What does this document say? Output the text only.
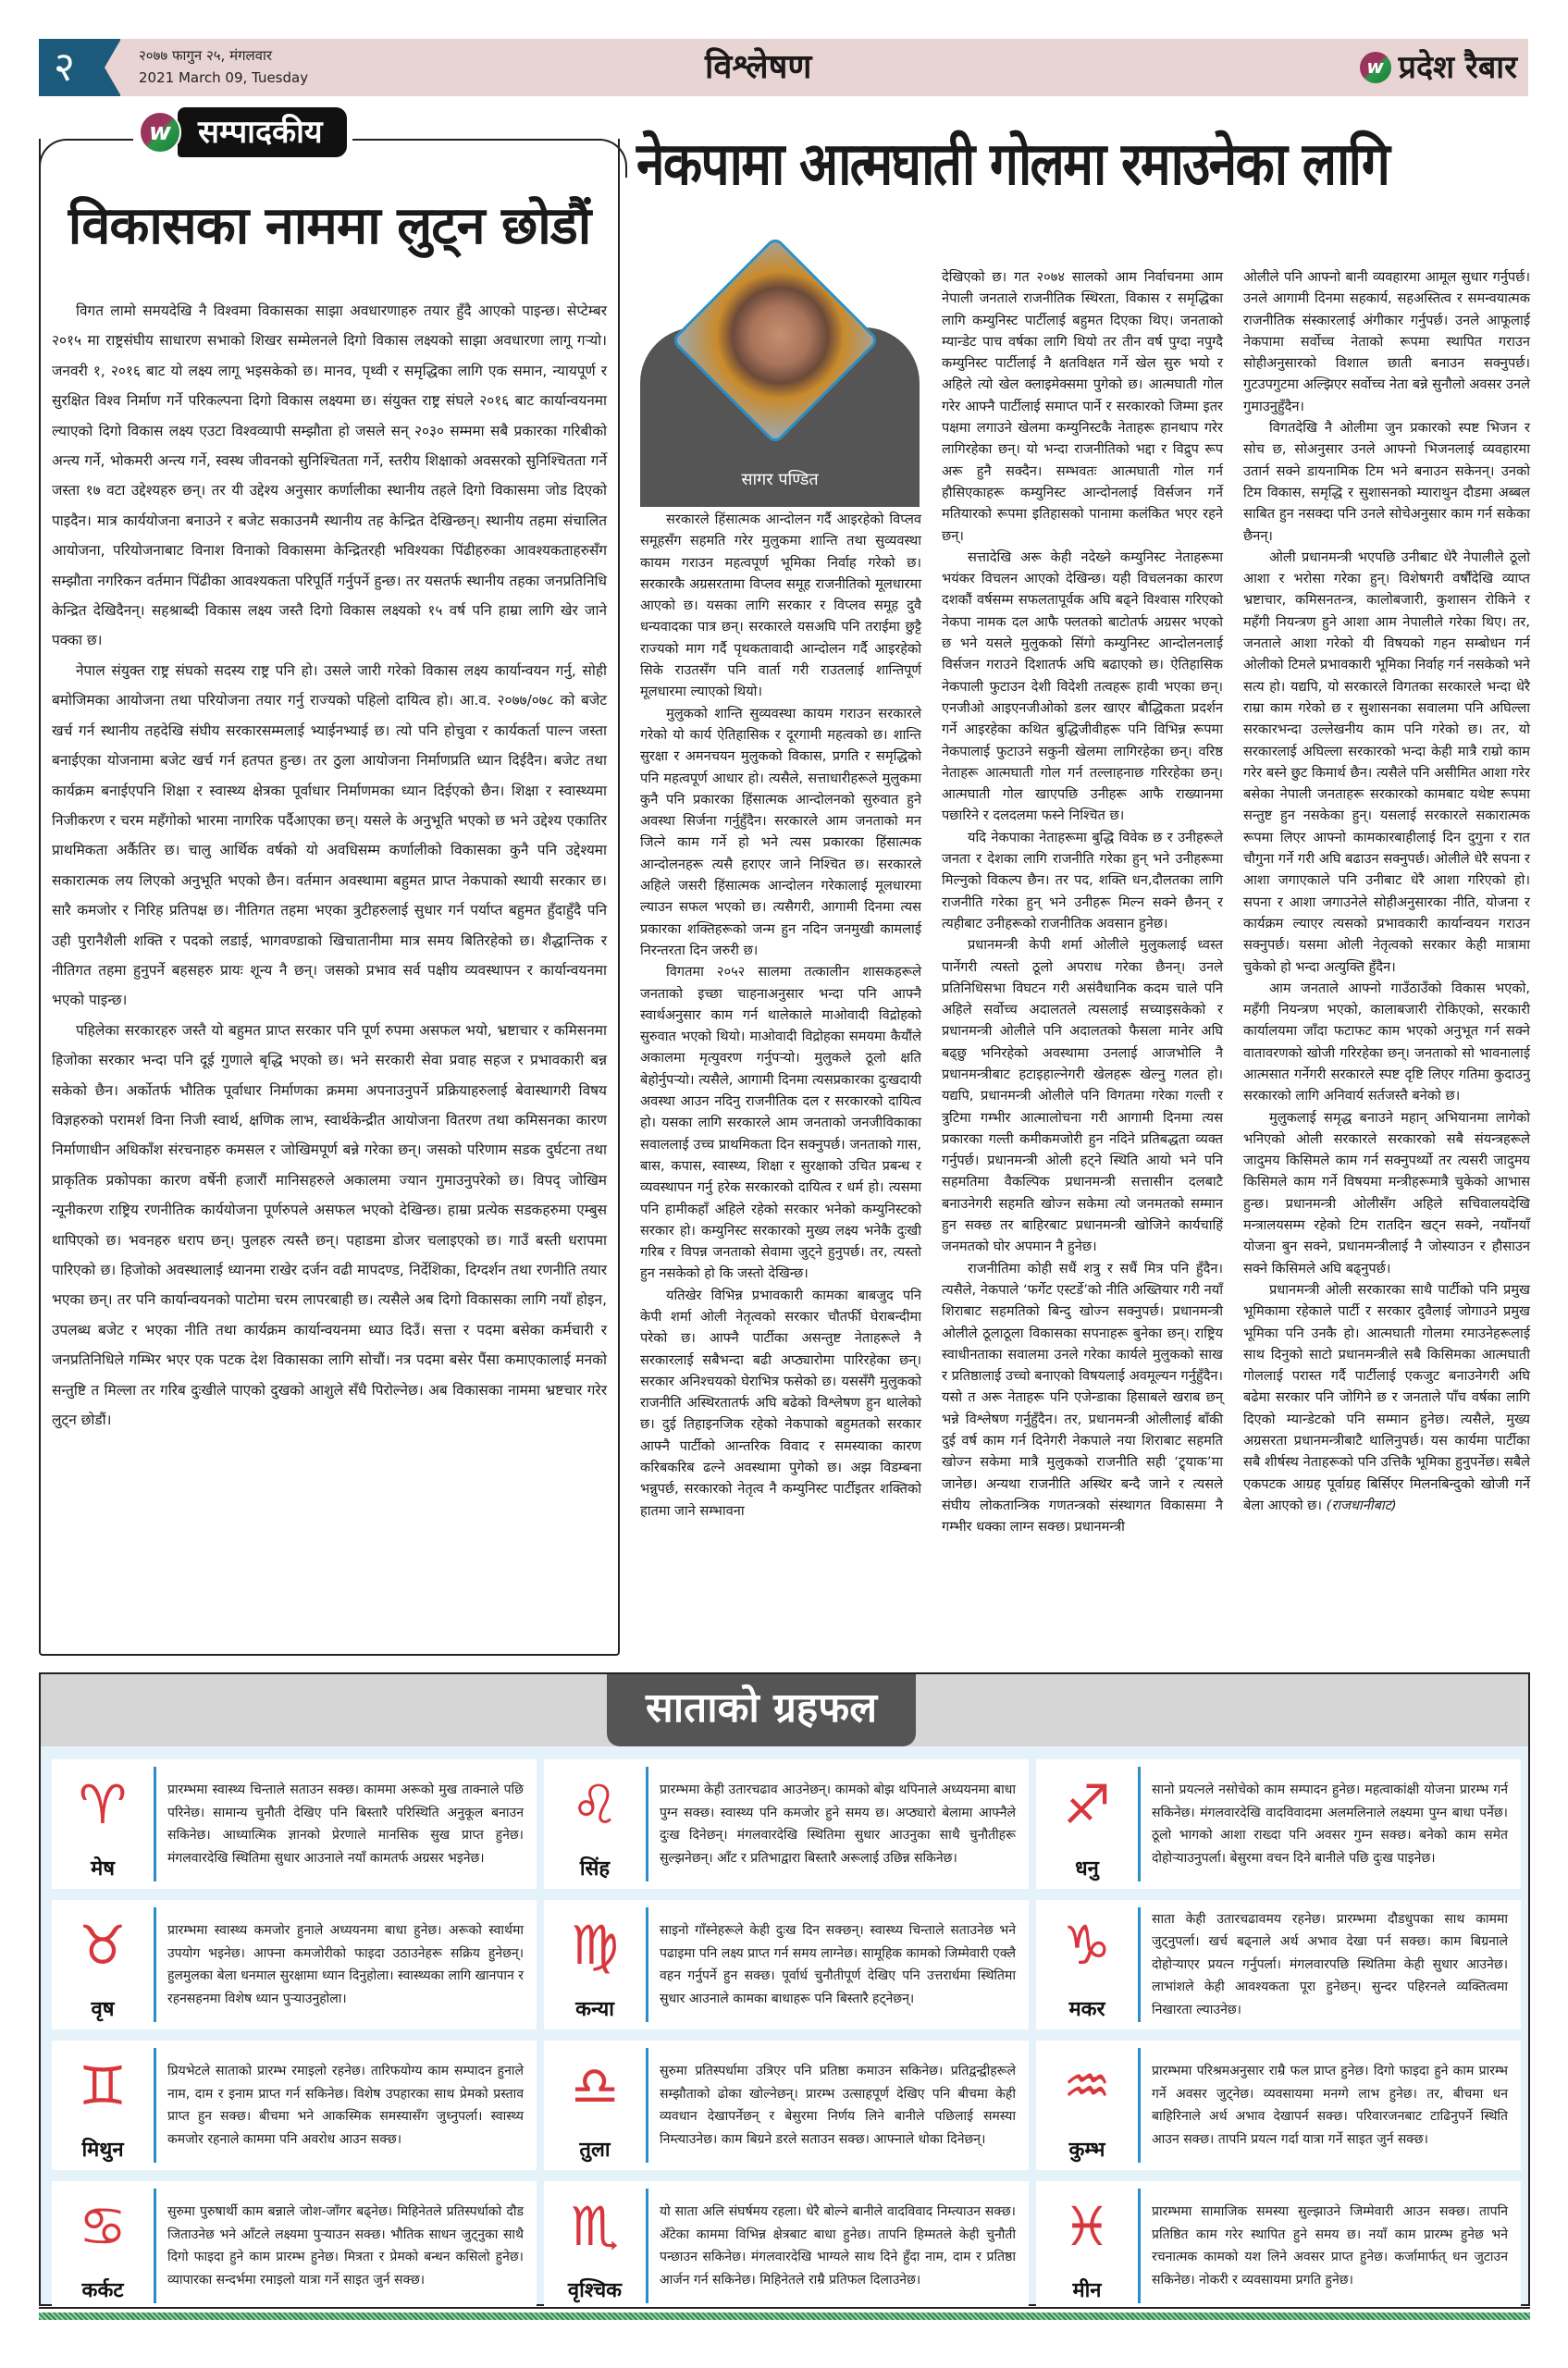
२	२०७७ फागुन २५, मंगलवार
2021 March 09, Tuesday	विश्लेषण w	प्रदेश रैबार
w
सम्पादकीय
विकासका नाममा लुट्न छोडौं

विगत लामो समयदेखि नै विश्वमा विकासका साझा अवधारणाहरु तयार हुँदै आएको पाइन्छ। सेप्टेम्बर २०१५ मा राष्ट्रसंघीय साधारण सभाको शिखर सम्मेलनले दिगो विकास लक्ष्यको साझा अवधारणा लागू गऱ्यो। जनवरी १, २०१६ बाट यो लक्ष्य लागू भइसकेको छ। मानव, पृथ्वी र समृद्धिका लागि एक समान, न्यायपूर्ण र सुरक्षित विश्व निर्माण गर्ने परिकल्पना दिगो विकास लक्ष्यमा छ। संयुक्त राष्ट्र संघले २०१६ बाट कार्यान्वयनमा ल्याएको दिगो विकास लक्ष्य एउटा विश्वव्यापी सम्झौता हो जसले सन् २०३० सम्ममा सबै प्रकारका गरिबीको अन्त्य गर्ने, भोकमरी अन्त्य गर्ने, स्वस्थ जीवनको सुनिश्चितता गर्ने, स्तरीय शिक्षाको अवसरको सुनिश्चितता गर्ने जस्ता १७ वटा उद्देश्यहरु छन्। तर यी उद्देश्य अनुसार कर्णालीका स्थानीय तहले दिगो विकासमा जोड दिएको पाइदैन। मात्र कार्ययोजना बनाउने र बजेट सकाउनमै स्थानीय तह केन्द्रित देखिन्छन्। स्थानीय तहमा संचालित आयोजना, परियोजनाबाट विनाश विनाको विकासमा केन्द्रितरही भविश्यका पिंढीहरुका आवश्यकताहरुसँग सम्झौता नगरिकन वर्तमान पिंढीका आवश्यकता परिपूर्ति गर्नुपर्ने हुन्छ। तर यसतर्फ स्थानीय तहका जनप्रतिनिधि केन्द्रित देखिदैनन्। सहश्राब्दी विकास लक्ष्य जस्तै दिगो विकास लक्ष्यको १५ वर्ष पनि हाम्रा लागि खेर जाने पक्का छ।

नेपाल संयुक्त राष्ट्र संघको सदस्य राष्ट्र पनि हो। उसले जारी गरेको विकास लक्ष्य कार्यान्वयन गर्नु, सोही बमोजिमका आयोजना तथा परियोजना तयार गर्नु राज्यको पहिलो दायित्व हो। आ.व. २०७७/०७८ को बजेट खर्च गर्न स्थानीय तहदेखि संघीय सरकारसम्मलाई भ्याईनभ्याई छ। त्यो पनि होचुवा र कार्यकर्ता पाल्न जस्ता बनाईएका योजनामा बजेट खर्च गर्न हतपत हुन्छ। तर ठुला आयोजना निर्माणप्रति ध्यान दिईदैन। बजेट तथा कार्यक्रम बनाईएपनि शिक्षा र स्वास्थ्य क्षेत्रका पूर्वाधार निर्माणमका ध्यान दिईएको छैन। शिक्षा र स्वास्थ्यमा निजीकरण र चरम महँगोको भारमा नागरिक पर्दैआएका छन्। यसले के अनुभूति भएको छ भने उद्देश्य एकातिर प्राथमिकता अर्कैतिर छ। चालु आर्थिक वर्षको यो अवधिसम्म कर्णालीको विकासका कुनै पनि उद्देश्यमा सकारात्मक लय लिएको अनुभूति भएको छैन। वर्तमान अवस्थामा बहुमत प्राप्त नेकपाको स्थायी सरकार छ। सारै कमजोर र निरिह प्रतिपक्ष छ। नीतिगत तहमा भएका त्रुटीहरुलाई सुधार गर्न पर्याप्त बहुमत हुँदाहुँदै पनि उही पुरानैशैली शक्ति र पदको लडाई, भागवण्डाको खिचातानीमा मात्र समय बितिरहेको छ। शैद्धान्तिक र नीतिगत तहमा हुनुपर्ने बहसहरु प्रायः शून्य नै छन्। जसको प्रभाव सर्व पक्षीय व्यवस्थापन र कार्यान्वयनमा भएको पाइन्छ।

पहिलेका सरकारहरु जस्तै यो बहुमत प्राप्त सरकार पनि पूर्ण रुपमा असफल भयो, भ्रष्टाचार र कमिसनमा हिजोका सरकार भन्दा पनि दूई गुणाले बृद्धि भएको छ। भने सरकारी सेवा प्रवाह सहज र प्रभावकारी बन्न सकेको छैन। अर्कोतर्फ भौतिक पूर्वाधार निर्माणका क्रममा अपनाउनुपर्ने प्रक्रियाहरुलाई बेवास्थागरी विषय विज्ञहरुको परामर्श विना निजी स्वार्थ, क्षणिक लाभ, स्वार्थकेन्द्रीत आयोजना वितरण तथा कमिसनका कारण निर्माणाधीन अधिकाँश संरचनाहरु कमसल र जोखिमपूर्ण बन्ने गरेका छन्। जसको परिणाम सडक दुर्घटना तथा प्राकृतिक प्रकोपका कारण वर्षेनी हजारौं मानिसहरुले अकालमा ज्यान गुमाउनुपरेको छ। विपद् जोखिम न्यूनीकरण राष्ट्रिय रणनीतिक कार्ययोजना पूर्णरुपले असफल भएको देखिन्छ। हाम्रा प्रत्येक सडकहरुमा एम्बुस थापिएको छ। भवनहरु धराप छन्। पुलहरु त्यस्तै छन्। पहाडमा डोजर चलाइएको छ। गाउँ बस्ती धरापमा पारिएको छ। हिजोको अवस्थालाई ध्यानमा राखेर दर्जन वढी मापदण्ड, निर्देशिका, दिग्दर्शन तथा रणनीति तयार भएका छन्। तर पनि कार्यान्वयनको पाटोमा चरम लापरबाही छ। त्यसैले अब दिगो विकासका लागि नयाँ होइन, उपलब्ध बजेट र भएका नीति तथा कार्यक्रम कार्यान्वयनमा ध्याउ दिउँ। सत्ता र पदमा बसेका कर्मचारी र जनप्रतिनिधिले गम्भिर भएर एक पटक देश विकासका लागि सोचौं। नत्र पदमा बसेर पैंसा कमाएकालाई मनको सन्तुष्टि त मिल्ला तर गरिब दुःखीले पाएको दुखको आशुले सँधै पिरोल्नेछ। अब विकासका नाममा भ्रष्टचार गरेर लुट्न छोडौं।

नेकपामा आत्मघाती गोलमा रमाउनेका लागि
सागर पण्डित

सरकारले हिंसात्मक आन्दोलन गर्दै आइरहेको विप्लव समूहसँग सहमति गरेर मुलुकमा शान्ति तथा सुव्यवस्था कायम गराउन महत्वपूर्ण भूमिका निर्वाह गरेको छ। सरकारकै अग्रसरतामा विप्लव समूह राजनीतिको मूलधारमा आएको छ। यसका लागि सरकार र विप्लव समूह दुवै धन्यवादका पात्र छन्। सरकारले यसअघि पनि तराईमा छुट्टै राज्यको माग गर्दै पृथकतावादी आन्दोलन गर्दै आइरहेको सिके राउतसँग पनि वार्ता गरी राउतलाई शान्तिपूर्ण मूलधारमा ल्याएको थियो।

मुलुकको शान्ति सुव्यवस्था कायम गराउन सरकारले गरेको यो कार्य ऐतिहासिक र दूरगामी महत्वको छ। शान्ति सुरक्षा र अमनचयन मुलुकको विकास, प्रगति र समृद्धिको पनि महत्वपूर्ण आधार हो। त्यसैले, सत्ताधारीहरूले मुलुकमा कुनै पनि प्रकारका हिंसात्मक आन्दोलनको सुरुवात हुने अवस्था सिर्जना गर्नुहुँदैन। सरकारले आम जनताको मन जित्ने काम गर्ने हो भने त्यस प्रकारका हिंसात्मक आन्दोलनहरू त्यसै हराएर जाने निश्चित छ। सरकारले अहिले जसरी हिंसात्मक आन्दोलन गरेकालाई मूलधारमा ल्याउन सफल भएको छ। त्यसैगरी, आगामी दिनमा त्यस प्रकारका शक्तिहरूको जन्म हुन नदिन जनमुखी कामलाई निरन्तरता दिन जरुरी छ।

विगतमा २०५२ सालमा तत्कालीन शासकहरूले जनताको इच्छा चाहनाअनुसार भन्दा पनि आफ्नै स्वार्थअनुसार काम गर्न थालेकाले माओवादी विद्रोहको सुरुवात भएको थियो। माओवादी विद्रोहका समयमा कैयौंले अकालमा मृत्युवरण गर्नुपऱ्यो। मुलुकले ठूलो क्षति बेहोर्नुपऱ्यो। त्यसैले, आगामी दिनमा त्यसप्रकारका दुःखदायी अवस्था आउन नदिनु राजनीतिक दल र सरकारको दायित्व हो। यसका लागि सरकारले आम जनताको जनजीविकाका सवाललाई उच्च प्राथमिकता दिन सक्नुपर्छ। जनताको गास, बास, कपास, स्वास्थ्य, शिक्षा र सुरक्षाको उचित प्रबन्ध र व्यवस्थापन गर्नु हरेक सरकारको दायित्व र धर्म हो। त्यसमा पनि हामीकहाँ अहिले रहेको सरकार भनेको कम्युनिस्टको सरकार हो। कम्युनिस्ट सरकारको मुख्य लक्ष्य भनेकै दुःखी गरिब र विपन्न जनताको सेवामा जुट्ने हुनुपर्छ। तर, त्यस्तो हुन नसकेको हो कि जस्तो देखिन्छ।

यतिखेर विभिन्न प्रभावकारी कामका बाबजुद पनि केपी शर्मा ओली नेतृत्वको सरकार चौतर्फी घेराबन्दीमा परेको छ। आफ्नै पार्टीका असन्तुष्ट नेताहरूले नै सरकारलाई सबैभन्दा बढी अप्ठ्यारोमा पारिरहेका छन्। सरकार अनिश्चयको घेराभित्र फसेको छ। यससँगै मुलुकको राजनीति अस्थिरतातर्फ अघि बढेको विश्लेषण हुन थालेको छ। दुई तिहाइनजिक रहेको नेकपाको बहुमतको सरकार आफ्नै पार्टीको आन्तरिक विवाद र समस्याका कारण करिबकरिब ढल्ने अवस्थामा पुगेको छ। अझ विडम्बना भन्नुपर्छ, सरकारको नेतृत्व नै कम्युनिस्ट पार्टीइतर शक्तिको हातमा जाने सम्भावना

देखिएको छ। गत २०७४ सालको आम निर्वाचनमा आम नेपाली जनताले राजनीतिक स्थिरता, विकास र समृद्धिका लागि कम्युनिस्ट पार्टीलाई बहुमत दिएका थिए। जनताको म्यान्डेट पाच वर्षका लागि थियो तर तीन वर्ष पुग्दा नपुग्दै कम्युनिस्ट पार्टीलाई नै क्षतविक्षत गर्ने खेल सुरु भयो र अहिले त्यो खेल क्लाइमेक्समा पुगेको छ। आत्मघाती गोल गरेर आफ्नै पार्टीलाई समाप्त पार्ने र सरकारको जिम्मा इतर पक्षमा लगाउने खेलमा कम्युनिस्टकै नेताहरू हानथाप गरेर लागिरहेका छन्। यो भन्दा राजनीतिको भद्दा र विद्रुप रूप अरू हुनै सक्दैन। सम्भवतः आत्मघाती गोल गर्न हौसिएकाहरू कम्युनिस्ट आन्दोनलाई विर्सजन गर्ने मतियारको रूपमा इतिहासको पानामा कलंकित भएर रहने छन्।

सत्तादेखि अरू केही नदेख्ने कम्युनिस्ट नेताहरूमा भयंकर विचलन आएको देखिन्छ। यही विचलनका कारण दशकौं वर्षसम्म सफलतापूर्वक अघि बढ्ने विश्वास गरिएको नेकपा नामक दल आफै फ्लतको बाटोतर्फ अग्रसर भएको छ भने यसले मुलुकको सिंगो कम्युनिस्ट आन्दोलनलाई विर्सजन गराउने दिशातर्फ अघि बढाएको छ। ऐतिहासिक नेकपाली फुटाउन देशी विदेशी तत्वहरू हावी भएका छन्। एनजीओ आइएनजीओको डलर खाएर बौद्धिकता प्रदर्शन गर्ने आइरहेका कथित बुद्धिजीवीहरू पनि विभिन्न रूपमा नेकपालाई फुटाउने सकुनी खेलमा लागिरहेका छन्। वरिष्ठ नेताहरू आत्मघाती गोल गर्न तल्लाहनाछ गरिरहेका छन्। आत्मघाती गोल खाएपछि उनीहरू आफै राख्यानमा पछारिने र दलदलमा फस्ने निश्चित छ।

यदि नेकपाका नेताहरूमा बुद्धि विवेक छ र उनीहरूले जनता र देशका लागि राजनीति गरेका हुन् भने उनीहरूमा मिल्नुको विकल्प छैन। तर पद, शक्ति धन,दौलतका लागि राजनीति गरेका हुन् भने उनीहरू मिल्न सक्ने छैनन् र त्यहीबाट उनीहरूको राजनीतिक अवसान हुनेछ।

प्रधानमन्त्री केपी शर्मा ओलीले मुलुकलाई ध्वस्त पार्नेगरी त्यस्तो ठूलो अपराध गरेका छैनन्। उनले प्रतिनिधिसभा विघटन गरी असंवैधानिक कदम चाले पनि अहिले सर्वोच्च अदालतले त्यसलाई सच्याइसकेको र प्रधानमन्त्री ओलीले पनि अदालतको फैसला मानेर अघि बढ्छु भनिरहेको अवस्थामा उनलाई आजभोलि नै प्रधानमन्त्रीबाट हटाइहाल्नेगरी खेलहरू खेल्नु गलत हो। यद्यपि, प्रधानमन्त्री ओलीले पनि विगतमा गरेका गल्ती र त्रुटिमा गम्भीर आत्मालोचना गरी आगामी दिनमा त्यस प्रकारका गल्ती कमीकमजोरी हुन नदिने प्रतिबद्धता व्यक्त गर्नुपर्छ। प्रधानमन्त्री ओली हट्ने स्थिति आयो भने पनि सहमतिमा वैकल्पिक प्रधानमन्त्री सत्तासीन दलबाटै बनाउनेगरी सहमति खोज्न सकेमा त्यो जनमतको सम्मान हुन सक्छ तर बाहिरबाट प्रधानमन्त्री खोजिने कार्यचाहिं जनमतको घोर अपमान नै हुनेछ।

राजनीतिमा कोही सधैं शत्रु र सधैं मित्र पनि हुँदैन। त्यसैले, नेकपाले ‘फर्गेट एस्टर्डे’को नीति अख्तियार गरी नयाँ शिराबाट सहमतिको बिन्दु खोज्न सक्नुपर्छ। प्रधानमन्त्री ओलीले ठूलाठूला विकासका सपनाहरू बुनेका छन्। राष्ट्रिय स्वाधीनताका सवालमा उनले गरेका कार्यले मुलुकको साख र प्रतिष्ठालाई उच्चो बनाएको विषयलाई अवमूल्यन गर्नुहुँदैन। यसो त अरू नेताहरू पनि एजेन्डाका हिसाबले खराब छन् भन्ने विश्लेषण गर्नुहुँदैन। तर, प्रधानमन्त्री ओलीलाई बाँकी दुई वर्ष काम गर्न दिनेगरी नेकपाले नया शिराबाट सहमति खोज्न सकेमा मात्रै मुलुकको राजनीति सही ‘ट्र्याक’मा जानेछ। अन्यथा राजनीति अस्थिर बन्दै जाने र त्यसले संघीय लोकतान्त्रिक गणतन्त्रको संस्थागत विकासमा नै गम्भीर धक्का लाग्न सक्छ। प्रधानमन्त्री

ओलीले पनि आफ्नो बानी व्यवहारमा आमूल सुधार गर्नुपर्छ। उनले आगामी दिनमा सहकार्य, सहअस्तित्व र समन्वयात्मक राजनीतिक संस्कारलाई अंगीकार गर्नुपर्छ। उनले आफूलाई नेकपामा सर्वोच्च नेताको रूपमा स्थापित गराउन सोहीअनुसारको विशाल छाती बनाउन सक्नुपर्छ। गुटउपगुटमा अल्झिएर सर्वोच्च नेता बन्ने सुनौलो अवसर उनले गुमाउनुहुँदैन।

विगतदेखि नै ओलीमा जुन प्रकारको स्पष्ट भिजन र सोच छ, सोअनुसार उनले आफ्नो भिजनलाई व्यवहारमा उतार्न सक्ने डायनामिक टिम भने बनाउन सकेनन्। उनको टिम विकास, समृद्धि र सुशासनको म्याराथुन दौडमा अब्बल साबित हुन नसक्दा पनि उनले सोचेअनुसार काम गर्न सकेका छैनन्।

ओली प्रधानमन्त्री भएपछि उनीबाट धेरै नेपालीले ठूलो आशा र भरोसा गरेका हुन्। विशेषगरी वर्षौंदेखि व्याप्त भ्रष्टाचार, कमिसनतन्त्र, कालोबजारी, कुशासन रोकिने र महँगी नियन्त्रण हुने आशा आम नेपालीले गरेका थिए। तर, जनताले आशा गरेको यी विषयको गहन सम्बोधन गर्न ओलीको टिमले प्रभावकारी भूमिका निर्वाह गर्न नसकेको भने सत्य हो। यद्यपि, यो सरकारले विगतका सरकारले भन्दा धेरै राम्रा काम गरेको छ र सुशासनका सवालमा पनि अघिल्ला सरकारभन्दा उल्लेखनीय काम पनि गरेको छ। तर, यो सरकारलाई अघिल्ला सरकारको भन्दा केही मात्रै राम्रो काम गरेर बस्ने छुट किमार्थ छैन। त्यसैले पनि असीमित आशा गरेर बसेका नेपाली जनताहरू सरकारको कामबाट यथेष्ट रूपमा सन्तुष्ट हुन नसकेका हुन्। यसलाई सरकारले सकारात्मक रूपमा लिएर आफ्नो कामकारबाहीलाई दिन दुगुना र रात चौगुना गर्ने गरी अघि बढाउन सक्नुपर्छ। ओलीले धेरै सपना र आशा जगाएकाले पनि उनीबाट धेरै आशा गरिएको हो। सपना र आशा जगाउनेले सोहीअनुसारका नीति, योजना र कार्यक्रम ल्याएर त्यसको प्रभावकारी कार्यान्वयन गराउन सक्नुपर्छ। यसमा ओली नेतृत्वको सरकार केही मात्रामा चुकेको हो भन्दा अत्युक्ति हुँदैन।

आम जनताले आफ्नो गाउँठाउँको विकास भएको, महँगी नियन्त्रण भएको, कालाबजारी रोकिएको, सरकारी कार्यालयमा जाँदा फटाफट काम भएको अनुभूत गर्न सक्ने वातावरणको खोजी गरिरहेका छन्। जनताको सो भावनालाई आत्मसात गर्नेगरी सरकारले स्पष्ट दृष्टि लिएर गतिमा कुदाउनु सरकारको लागि अनिवार्य सर्तजस्तै बनेको छ।

मुलुकलाई समृद्ध बनाउने महान् अभियानमा लागेको भनिएको ओली सरकारले सरकारको सबै संयन्त्रहरूले जादुमय किसिमले काम गर्न सक्नुपर्थ्यो तर त्यसरी जादुमय किसिमले काम गर्ने विषयमा मन्त्रीहरूमात्रै चुकेको आभास हुन्छ। प्रधानमन्त्री ओलीसँग अहिले सचिवालयदेखि मन्त्रालयसम्म रहेको टिम रातदिन खट्न सक्ने, नयाँनयाँ योजना बुन सक्ने, प्रधानमन्त्रीलाई नै जोस्याउन र हौसाउन सक्ने किसिमले अघि बढ्नुपर्छ।

प्रधानमन्त्री ओली सरकारका साथै पार्टीको पनि प्रमुख भूमिकामा रहेकाले पार्टी र सरकार दुवैलाई जोगाउने प्रमुख भूमिका पनि उनकै हो। आत्मघाती गोलमा रमाउनेहरूलाई साथ दिनुको साटो प्रधानमन्त्रीले सबै किसिमका आत्मघाती गोललाई परास्त गर्दै पार्टीलाई एकजुट बनाउनेगरी अघि बढेमा सरकार पनि जोगिने छ र जनताले पाँच वर्षका लागि दिएको म्यान्डेटको पनि सम्मान हुनेछ। त्यसैले, मुख्य अग्रसरता प्रधानमन्त्रीबाटै थालिनुपर्छ। यस कार्यमा पार्टीका सबै शीर्षस्थ नेताहरूको पनि उत्तिकै भूमिका हुनुपर्नेछ। सबैले एकपटक आग्रह पूर्वाग्रह बिर्सिएर मिलनबिन्दुको खोजी गर्ने बेला आएको छ। (राजधानीबाट)

साताको ग्रहफल
♈
मेष
प्रारम्भमा स्वास्थ्य चिन्ताले सताउन सक्छ। काममा अरूको मुख ताक्नाले पछि परिनेछ। सामान्य चुनौती देखिए पनि बिस्तारै परिस्थिति अनुकूल बनाउन सकिनेछ। आध्यात्मिक ज्ञानको प्रेरणाले मानसिक सुख प्राप्त हुनेछ। मंगलवारदेखि स्थितिमा सुधार आउनाले नयाँ कामतर्फ अग्रसर भइनेछ।
♌
सिंह
प्रारम्भमा केही उतारचढाव आउनेछन्। कामको बोझ थपिनाले अध्ययनमा बाधा पुग्न सक्छ। स्वास्थ्य पनि कमजोर हुने समय छ। अप्ठ्यारो बेलामा आफ्नैले दुःख दिनेछन्। मंगलवारदेखि स्थितिमा सुधार आउनुका साथै चुनौतीहरू सुल्झनेछन्। आँट र प्रतिभाद्वारा बिस्तारै अरूलाई उछिन्न सकिनेछ।
♐
धनु
सानो प्रयत्नले नसोचेको काम सम्पादन हुनेछ। महत्वाकांक्षी योजना प्रारम्भ गर्न सकिनेछ। मंगलवारदेखि वादविवादमा अलमलिनाले लक्ष्यमा पुग्न बाधा पर्नेछ। ठूलो भागको आशा राख्दा पनि अवसर गुम्न सक्छ। बनेको काम समेत दोहोर्‍याउनुपर्ला। बेसुरमा वचन दिने बानीले पछि दुःख पाइनेछ।
♉
वृष
प्रारम्भमा स्वास्थ्य कमजोर हुनाले अध्ययनमा बाधा हुनेछ। अरूको स्वार्थमा उपयोग भइनेछ। आफ्ना कमजोरीको फाइदा उठाउनेहरू सक्रिय हुनेछन्। हुलमुलका बेला धनमाल सुरक्षामा ध्यान दिनुहोला। स्वास्थ्यका लागि खानपान र रहनसहनमा विशेष ध्यान पुर्‍याउनुहोला।
♍
कन्या
साइनो गाँस्नेहरूले केही दुःख दिन सक्छन्। स्वास्थ्य चिन्ताले सताउनेछ भने पढाइमा पनि लक्ष्य प्राप्त गर्न समय लाग्नेछ। सामूहिक कामको जिम्मेवारी एक्लै वहन गर्नुपर्ने हुन सक्छ। पूर्वार्ध चुनौतीपूर्ण देखिए पनि उत्तरार्धमा स्थितिमा सुधार आउनाले कामका बाधाहरू पनि बिस्तारै हट्नेछन्।
♑
मकर
साता केही उतारचढावमय रहनेछ। प्रारम्भमा दौडधुपका साथ काममा जुट्नुपर्ला। खर्च बढ्नाले अर्थ अभाव देखा पर्न सक्छ। काम बिग्रनाले दोहोर्‍याएर प्रयत्न गर्नुपर्ला। मंगलवारपछि स्थितिमा केही सुधार आउनेछ। लाभांशले केही आवश्यकता पूरा हुनेछन्। सुन्दर पहिरनले व्यक्तित्वमा निखारता ल्याउनेछ।
♊
मिथुन
प्रियभेटले साताको प्रारम्भ रमाइलो रहनेछ। तारिफयोग्य काम सम्पादन हुनाले नाम, दाम र इनाम प्राप्त गर्न सकिनेछ। विशेष उपहारका साथ प्रेमको प्रस्ताव प्राप्त हुन सक्छ। बीचमा भने आकस्मिक समस्यासँग जुध्नुपर्ला। स्वास्थ्य कमजोर रहनाले काममा पनि अवरोध आउन सक्छ।
♎
तुला
सुरुमा प्रतिस्पर्धामा उत्रिएर पनि प्रतिष्ठा कमाउन सकिनेछ। प्रतिद्वन्द्वीहरूले सम्झौताको ढोका खोल्नेछन्। प्रारम्भ उत्साहपूर्ण देखिए पनि बीचमा केही व्यवधान देखापर्नेछन् र बेसुरमा निर्णय लिने बानीले पछिलाई समस्या निम्त्याउनेछ। काम बिग्रने डरले सताउन सक्छ। आफ्नाले धोका दिनेछन्।
♒
कुम्भ
प्रारम्भमा परिश्रमअनुसार राम्रै फल प्राप्त हुनेछ। दिगो फाइदा हुने काम प्रारम्भ गर्ने अवसर जुट्नेछ। व्यवसायमा मनग्गे लाभ हुनेछ। तर, बीचमा धन बाहिरिनाले अर्थ अभाव देखापर्न सक्छ। परिवारजनबाट टाढिनुपर्ने स्थिति आउन सक्छ। तापनि प्रयत्न गर्दा यात्रा गर्ने साइत जुर्न सक्छ।
♋
कर्कट
सुरुमा पुरुषार्थी काम बन्नाले जोश-जाँगर बढ्नेछ। मिहिनेतले प्रतिस्पर्धाको दौड जिताउनेछ भने आँटले लक्ष्यमा पुर्‍याउन सक्छ। भौतिक साधन जुट्नुका साथै दिगो फाइदा हुने काम प्रारम्भ हुनेछ। मित्रता र प्रेमको बन्धन कसिलो हुनेछ। व्यापारका सन्दर्भमा रमाइलो यात्रा गर्ने साइत जुर्न सक्छ।
♏
वृश्चिक
यो साता अलि संघर्षमय रहला। धेरै बोल्ने बानीले वादविवाद निम्त्याउन सक्छ। अँटेका काममा विभिन्न क्षेत्रबाट बाधा हुनेछ। तापनि हिम्मतले केही चुनौती पन्छाउन सकिनेछ। मंगलवारदेखि भाग्यले साथ दिने हुँदा नाम, दाम र प्रतिष्ठा आर्जन गर्न सकिनेछ। मिहिनेतले राम्रै प्रतिफल दिलाउनेछ।
♓
मीन
प्रारम्भमा सामाजिक समस्या सुल्झाउने जिम्मेवारी आउन सक्छ। तापनि प्रतिष्ठित काम गरेर स्थापित हुने समय छ। नयाँ काम प्रारम्भ हुनेछ भने रचनात्मक कामको यश लिने अवसर प्राप्त हुनेछ। कर्जामार्फत् धन जुटाउन सकिनेछ। नोकरी र व्यवसायमा प्रगति हुनेछ।
